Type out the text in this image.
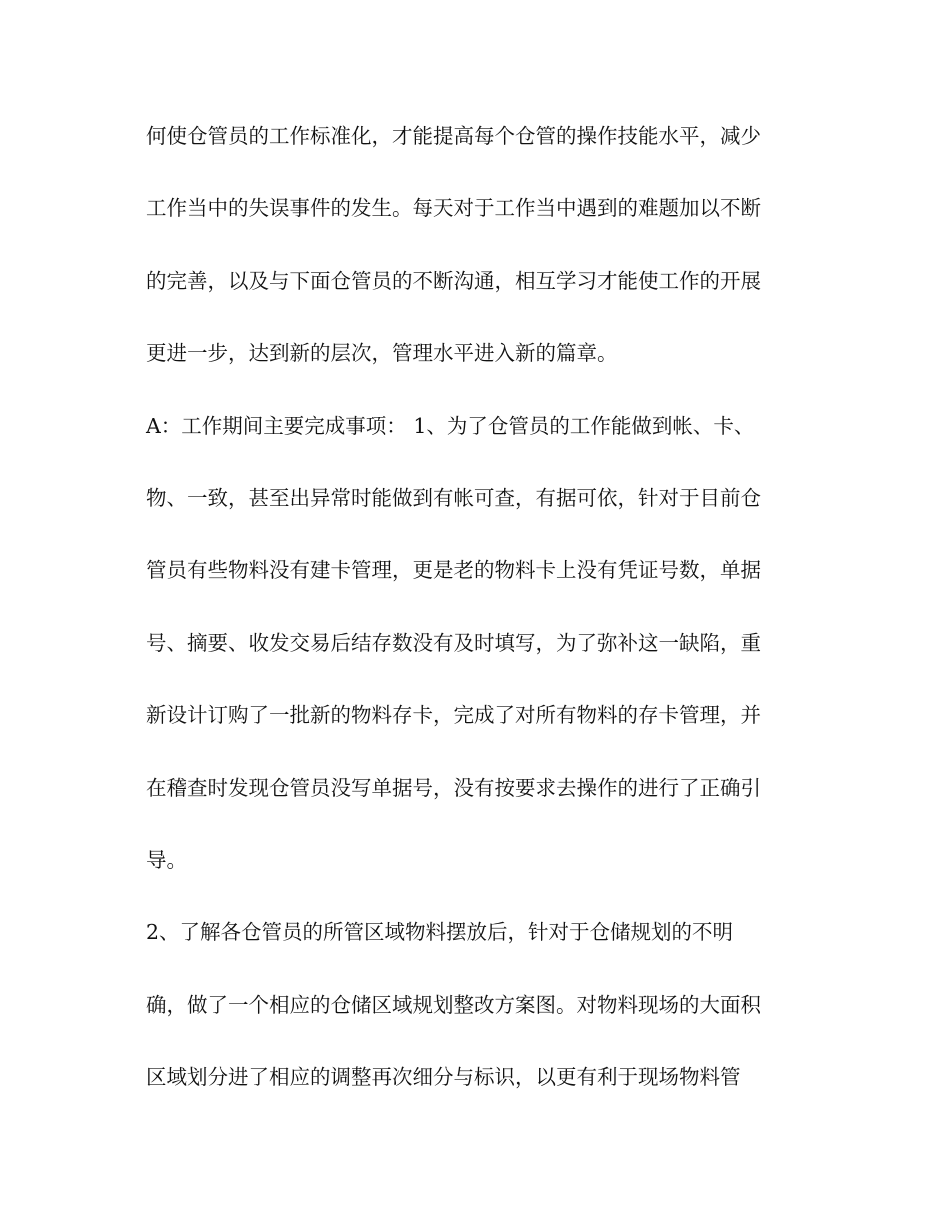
何使仓管员的工作标准化，才能提高每个仓管的操作技能水平，减少
工作当中的失误事件的发生。每天对于工作当中遇到的难题加以不断
的完善，以及与下面仓管员的不断沟通，相互学习才能使工作的开展
更进一步，达到新的层次，管理水平进入新的篇章。
A：工作期间主要完成事项： 1、为了仓管员的工作能做到帐、卡、
物、一致，甚至出异常时能做到有帐可查，有据可依，针对于目前仓
管员有些物料没有建卡管理，更是老的物料卡上没有凭证号数，单据
号、摘要、收发交易后结存数没有及时填写，为了弥补这一缺陷，重
新设计订购了一批新的物料存卡，完成了对所有物料的存卡管理，并
在稽查时发现仓管员没写单据号，没有按要求去操作的进行了正确引
导。
2、了解各仓管员的所管区域物料摆放后，针对于仓储规划的不明
确，做了一个相应的仓储区域规划整改方案图。对物料现场的大面积
区域划分进了相应的调整再次细分与标识，以更有利于现场物料管
